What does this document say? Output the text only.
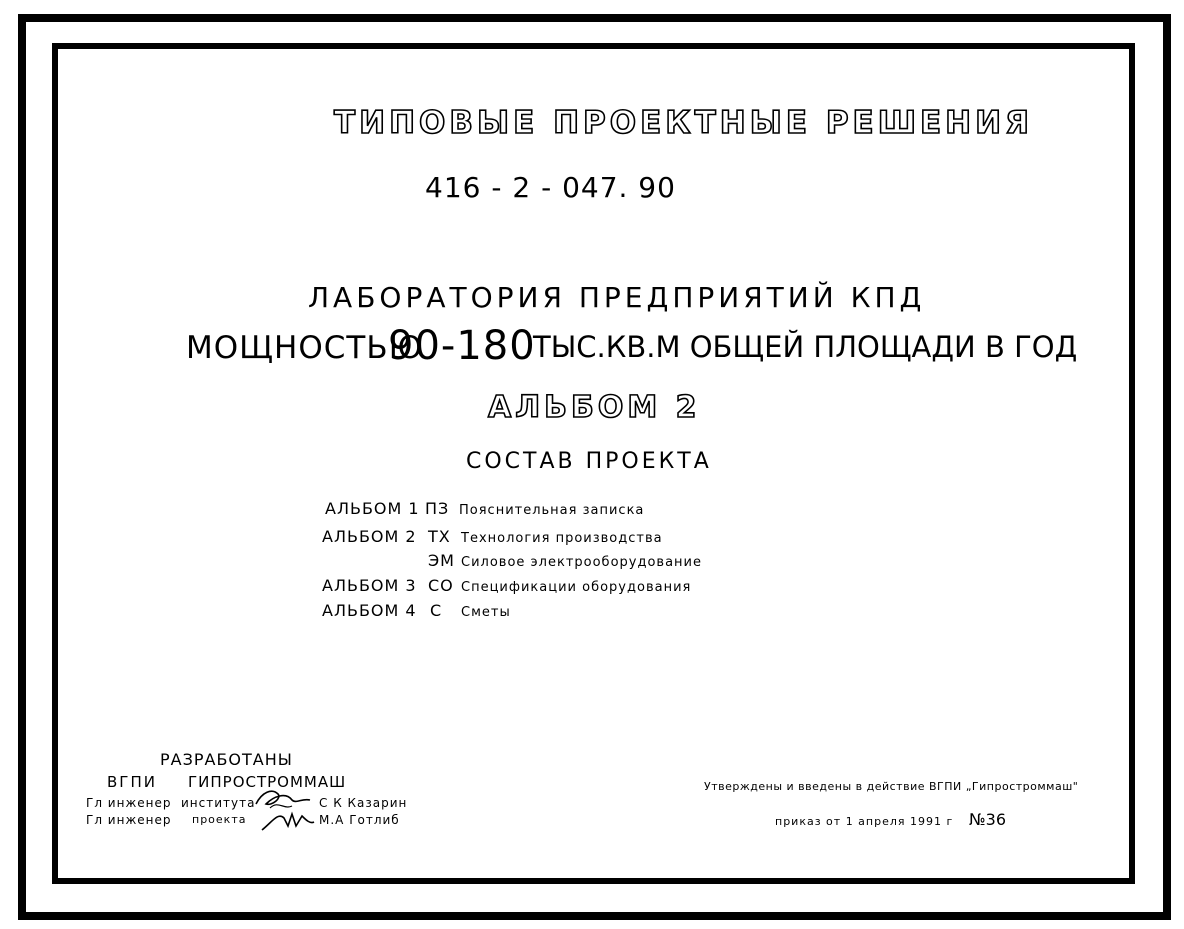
ТИПОВЫЕ ПРОЕКТНЫЕ РЕШЕНИЯ
416 - 2 - 047. 90
ЛАБОРАТОРИЯ ПРЕДПРИЯТИЙ КПД
МОЩНОСТЬЮ
90-180
ТЫС.КВ.М ОБЩЕЙ ПЛОЩАДИ В ГОД
АЛЬБОМ 2
СОСТАВ ПРОЕКТА
АЛЬБОМ 1 ПЗ Пояснительная записка
АЛЬБОМ 2 ТХ Технология производства
ЭМ Силовое электрооборудование
АЛЬБОМ 3 СО Спецификации оборудования
АЛЬБОМ 4 С Сметы
РАЗРАБОТАНЫ
ВГПИ ГИПРОСТРОММАШ
Гл инженер института	С К Казарин
Гл инженер проекта	М.А Готлиб
Утверждены и введены в действие ВГПИ „Гипростроммаш"
приказ от 1 апреля 1991 г №36
